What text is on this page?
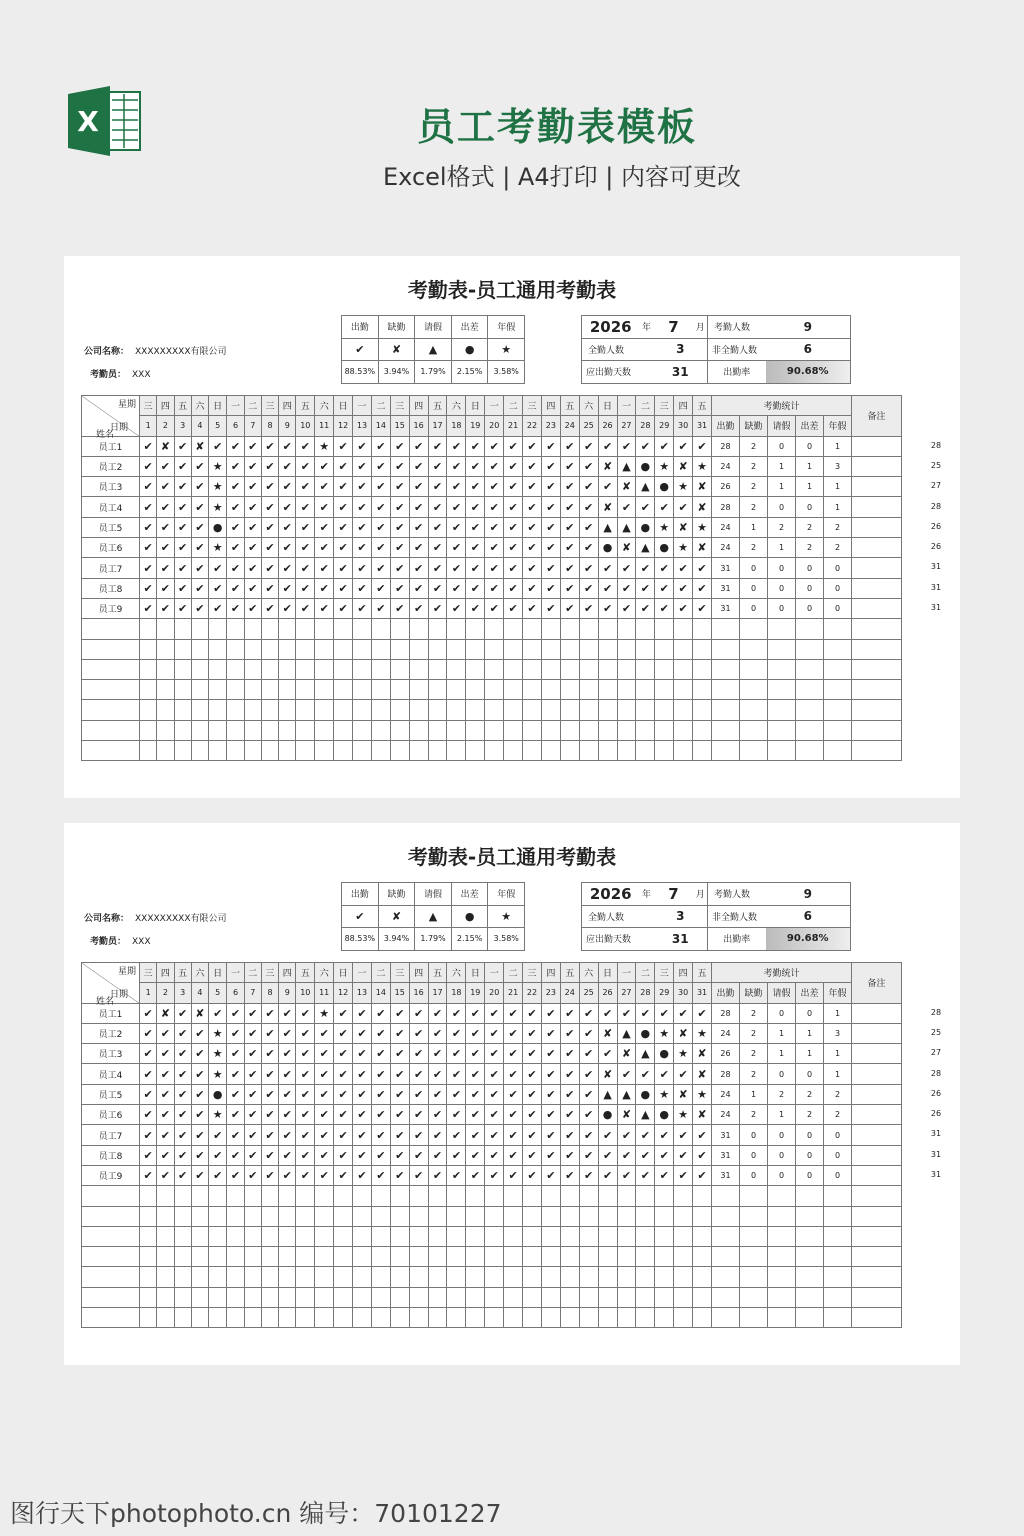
X	员工考勤表模板
Excel格式 | A4打印 | 内容可更改
考勤表-员工通用考勤表
公司名称： XXXXXXXXX有限公司
考勤员： XXX
出勤	缺勤	请假	出差	年假
✔	✘	▲	●	★
88.53%	3.94%	1.79%	2.15%	3.58%
2026	年	7	月	考勤人数	9
全勤人数		3		非全勤人数	6
应出勤天数		31		出勤率	90.68%
星期
日期
姓名	三	四	五	六	日	一	二	三	四	五	六	日	一	二	三	四	五	六	日	一	二	三	四	五	六	日	一	二	三	四	五	考勤统计					备注
	1	2	3	4	5	6	7	8	9	10	11	12	13	14	15	16	17	18	19	20	21	22	23	24	25	26	27	28	29	30	31	出勤	缺勤	请假	出差	年假	
员工1	✔	✘	✔	✘	✔	✔	✔	✔	✔	✔	★	✔	✔	✔	✔	✔	✔	✔	✔	✔	✔	✔	✔	✔	✔	✔	✔	✔	✔	✔	✔	28	2	0	0	1	
员工2	✔	✔	✔	✔	★	✔	✔	✔	✔	✔	✔	✔	✔	✔	✔	✔	✔	✔	✔	✔	✔	✔	✔	✔	✔	✘	▲	●	★	✘	★	24	2	1	1	3	
员工3	✔	✔	✔	✔	★	✔	✔	✔	✔	✔	✔	✔	✔	✔	✔	✔	✔	✔	✔	✔	✔	✔	✔	✔	✔	✔	✘	▲	●	★	✘	26	2	1	1	1	
员工4	✔	✔	✔	✔	★	✔	✔	✔	✔	✔	✔	✔	✔	✔	✔	✔	✔	✔	✔	✔	✔	✔	✔	✔	✔	✘	✔	✔	✔	✔	✘	28	2	0	0	1	
员工5	✔	✔	✔	✔	●	✔	✔	✔	✔	✔	✔	✔	✔	✔	✔	✔	✔	✔	✔	✔	✔	✔	✔	✔	✔	▲	▲	●	★	✘	★	24	1	2	2	2	
员工6	✔	✔	✔	✔	★	✔	✔	✔	✔	✔	✔	✔	✔	✔	✔	✔	✔	✔	✔	✔	✔	✔	✔	✔	✔	●	✘	▲	●	★	✘	24	2	1	2	2	
员工7	✔	✔	✔	✔	✔	✔	✔	✔	✔	✔	✔	✔	✔	✔	✔	✔	✔	✔	✔	✔	✔	✔	✔	✔	✔	✔	✔	✔	✔	✔	✔	31	0	0	0	0	
员工8	✔	✔	✔	✔	✔	✔	✔	✔	✔	✔	✔	✔	✔	✔	✔	✔	✔	✔	✔	✔	✔	✔	✔	✔	✔	✔	✔	✔	✔	✔	✔	31	0	0	0	0	
员工9	✔	✔	✔	✔	✔	✔	✔	✔	✔	✔	✔	✔	✔	✔	✔	✔	✔	✔	✔	✔	✔	✔	✔	✔	✔	✔	✔	✔	✔	✔	✔	31	0	0	0	0	

28
25
27
28
26
26
31
31
31
考勤表-员工通用考勤表
公司名称： XXXXXXXXX有限公司
考勤员： XXX
出勤	缺勤	请假	出差	年假
✔	✘	▲	●	★
88.53%	3.94%	1.79%	2.15%	3.58%
2026	年	7	月	考勤人数	9
全勤人数		3		非全勤人数	6
应出勤天数		31		出勤率	90.68%
星期
日期
姓名	三	四	五	六	日	一	二	三	四	五	六	日	一	二	三	四	五	六	日	一	二	三	四	五	六	日	一	二	三	四	五	考勤统计					备注
	1	2	3	4	5	6	7	8	9	10	11	12	13	14	15	16	17	18	19	20	21	22	23	24	25	26	27	28	29	30	31	出勤	缺勤	请假	出差	年假	
员工1	✔	✘	✔	✘	✔	✔	✔	✔	✔	✔	★	✔	✔	✔	✔	✔	✔	✔	✔	✔	✔	✔	✔	✔	✔	✔	✔	✔	✔	✔	✔	28	2	0	0	1	
员工2	✔	✔	✔	✔	★	✔	✔	✔	✔	✔	✔	✔	✔	✔	✔	✔	✔	✔	✔	✔	✔	✔	✔	✔	✔	✘	▲	●	★	✘	★	24	2	1	1	3	
员工3	✔	✔	✔	✔	★	✔	✔	✔	✔	✔	✔	✔	✔	✔	✔	✔	✔	✔	✔	✔	✔	✔	✔	✔	✔	✔	✘	▲	●	★	✘	26	2	1	1	1	
员工4	✔	✔	✔	✔	★	✔	✔	✔	✔	✔	✔	✔	✔	✔	✔	✔	✔	✔	✔	✔	✔	✔	✔	✔	✔	✘	✔	✔	✔	✔	✘	28	2	0	0	1	
员工5	✔	✔	✔	✔	●	✔	✔	✔	✔	✔	✔	✔	✔	✔	✔	✔	✔	✔	✔	✔	✔	✔	✔	✔	✔	▲	▲	●	★	✘	★	24	1	2	2	2	
员工6	✔	✔	✔	✔	★	✔	✔	✔	✔	✔	✔	✔	✔	✔	✔	✔	✔	✔	✔	✔	✔	✔	✔	✔	✔	●	✘	▲	●	★	✘	24	2	1	2	2	
员工7	✔	✔	✔	✔	✔	✔	✔	✔	✔	✔	✔	✔	✔	✔	✔	✔	✔	✔	✔	✔	✔	✔	✔	✔	✔	✔	✔	✔	✔	✔	✔	31	0	0	0	0	
员工8	✔	✔	✔	✔	✔	✔	✔	✔	✔	✔	✔	✔	✔	✔	✔	✔	✔	✔	✔	✔	✔	✔	✔	✔	✔	✔	✔	✔	✔	✔	✔	31	0	0	0	0	
员工9	✔	✔	✔	✔	✔	✔	✔	✔	✔	✔	✔	✔	✔	✔	✔	✔	✔	✔	✔	✔	✔	✔	✔	✔	✔	✔	✔	✔	✔	✔	✔	31	0	0	0	0	

28
25
27
28
26
26
31
31
31
图行天下photophoto.cn 编号：70101227
